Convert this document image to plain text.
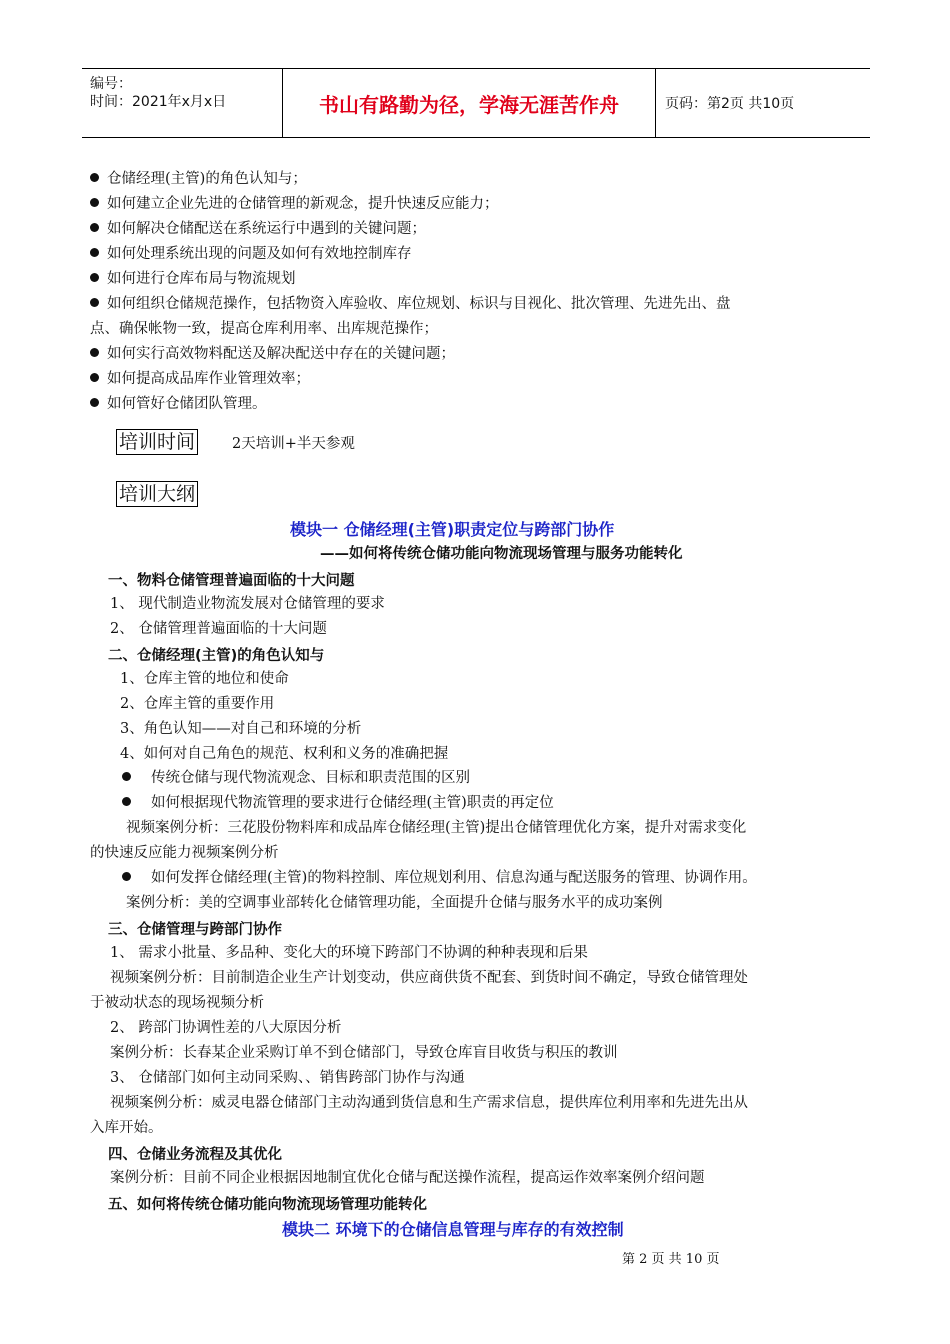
编号：
时间：2021年x月x日	书山有路勤为径，学海无涯苦作舟	页码：第2页 共10页
仓储经理(主管)的角色认知与；
如何建立企业先进的仓储管理的新观念，提升快速反应能力；
如何解决仓储配送在系统运行中遇到的关键问题；
如何处理系统出现的问题及如何有效地控制库存
如何进行仓库布局与物流规划
如何组织仓储规范操作，包括物资入库验收、库位规划、标识与目视化、批次管理、先进先出、盘
点、确保帐物一致，提高仓库利用率、出库规范操作；
如何实行高效物料配送及解决配送中存在的关键问题；
如何提高成品库作业管理效率；
如何管好仓储团队管理。
培训时间	2天培训+半天参观
培训大纲
模块一 仓储经理(主管)职责定位与跨部门协作
——如何将传统仓储功能向物流现场管理与服务功能转化
一、物料仓储管理普遍面临的十大问题
1、 现代制造业物流发展对仓储管理的要求
2、 仓储管理普遍面临的十大问题
二、仓储经理(主管)的角色认知与
1、仓库主管的地位和使命
2、仓库主管的重要作用
3、角色认知——对自己和环境的分析
4、如何对自己角色的规范、权利和义务的准确把握
传统仓储与现代物流观念、目标和职责范围的区别
如何根据现代物流管理的要求进行仓储经理(主管)职责的再定位
视频案例分析：三花股份物料库和成品库仓储经理(主管)提出仓储管理优化方案，提升对需求变化
的快速反应能力视频案例分析
如何发挥仓储经理(主管)的物料控制、库位规划利用、信息沟通与配送服务的管理、协调作用。
案例分析：美的空调事业部转化仓储管理功能，全面提升仓储与服务水平的成功案例
三、仓储管理与跨部门协作
1、 需求小批量、多品种、变化大的环境下跨部门不协调的种种表现和后果
视频案例分析：目前制造企业生产计划变动，供应商供货不配套、到货时间不确定，导致仓储管理处
于被动状态的现场视频分析
2、 跨部门协调性差的八大原因分析
案例分析：长春某企业采购订单不到仓储部门，导致仓库盲目收货与积压的教训
3、 仓储部门如何主动同采购、、销售跨部门协作与沟通
视频案例分析：威灵电器仓储部门主动沟通到货信息和生产需求信息，提供库位利用率和先进先出从
入库开始。
四、仓储业务流程及其优化
案例分析：目前不同企业根据因地制宜优化仓储与配送操作流程，提高运作效率案例介绍问题
五、如何将传统仓储功能向物流现场管理功能转化
模块二 环境下的仓储信息管理与库存的有效控制
第 2 页 共 10 页
